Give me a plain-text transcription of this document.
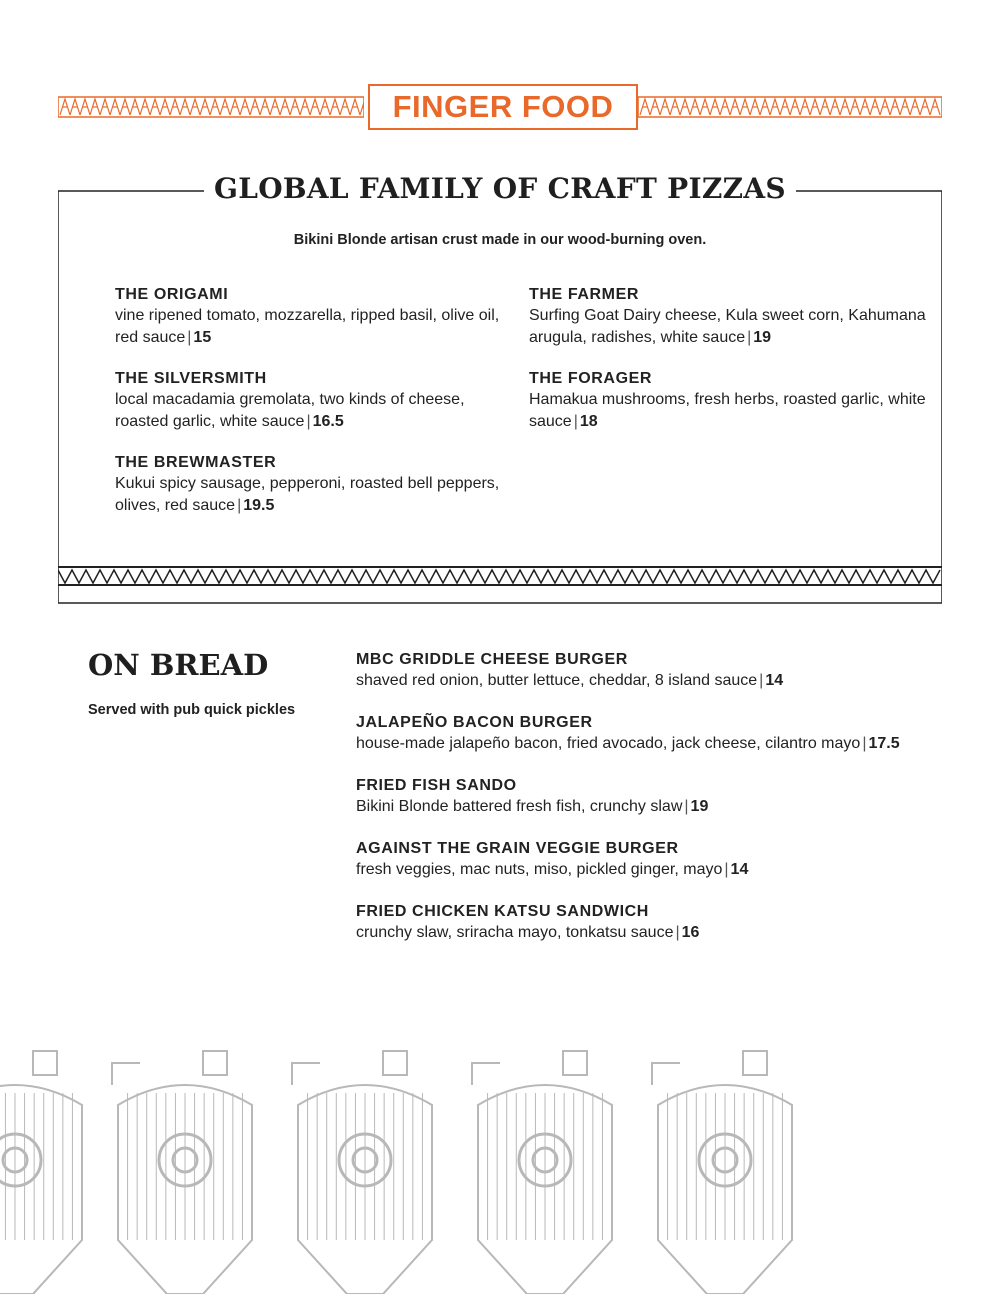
FINGER FOOD
GLOBAL FAMILY OF CRAFT PIZZAS
Bikini Blonde artisan crust made in our wood-burning oven.
THE ORIGAMI
vine ripened tomato, mozzarella, ripped basil, olive oil, red sauce | 15
THE SILVERSMITH
local macadamia gremolata, two kinds of cheese, roasted garlic, white sauce | 16.5
THE BREWMASTER
Kukui spicy sausage, pepperoni, roasted bell peppers, olives, red sauce | 19.5
THE FARMER
Surfing Goat Dairy cheese, Kula sweet corn, Kahumana arugula, radishes, white sauce | 19
THE FORAGER
Hamakua mushrooms, fresh herbs, roasted garlic, white sauce | 18
ON BREAD
Served with pub quick pickles
MBC GRIDDLE CHEESE BURGER
shaved red onion, butter lettuce, cheddar, 8 island sauce | 14
JALAPEÑO BACON BURGER
house-made jalapeño bacon, fried avocado, jack cheese, cilantro mayo | 17.5
FRIED FISH SANDO
Bikini Blonde battered fresh fish, crunchy slaw | 19
AGAINST THE GRAIN VEGGIE BURGER
fresh veggies, mac nuts, miso, pickled ginger, mayo | 14
FRIED CHICKEN KATSU SANDWICH
crunchy slaw, sriracha mayo, tonkatsu sauce | 16
